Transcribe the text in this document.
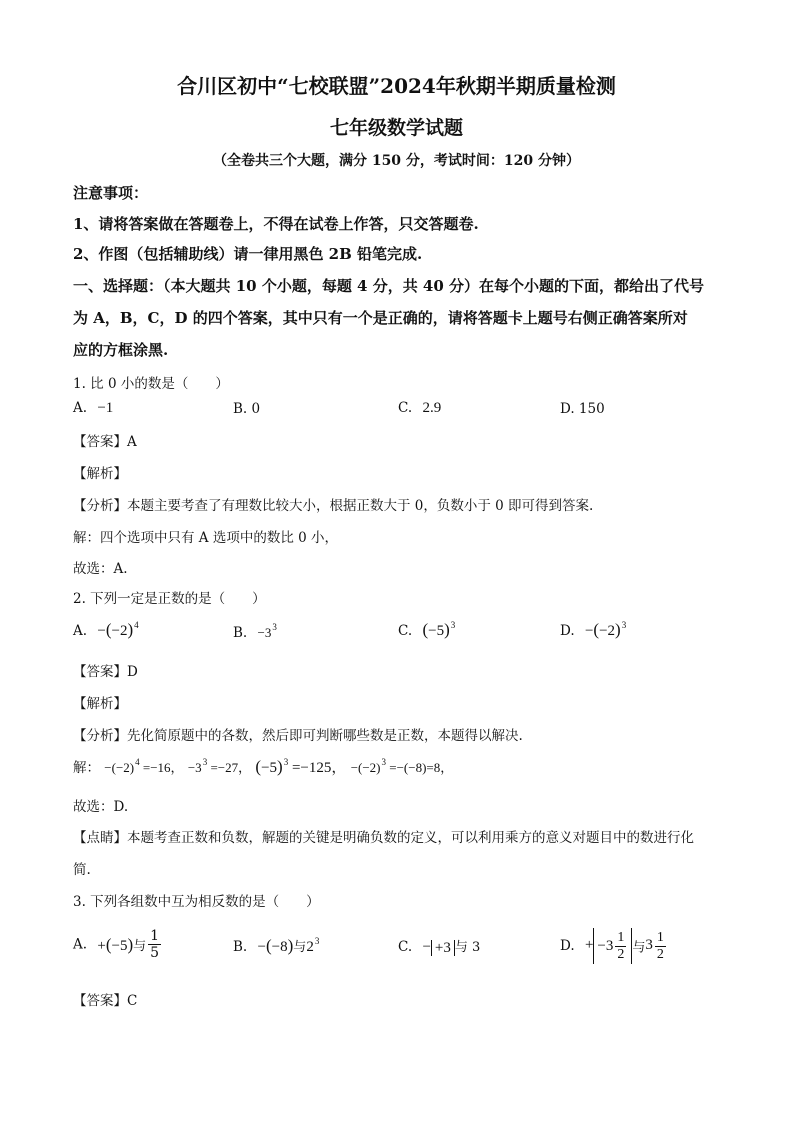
合川区初中“七校联盟”2024年秋期半期质量检测
七年级数学试题
（全卷共三个大题，满分 150 分，考试时间：120 分钟）
注意事项：
1、请将答案做在答题卷上，不得在试卷上作答，只交答题卷.
2、作图（包括辅助线）请一律用黑色 2B 铅笔完成.
一、选择题：（本大题共 10 个小题，每题 4 分，共 40 分）在每个小题的下面，都给出了代号
为 A，B，C，D 的四个答案，其中只有一个是正确的，请将答题卡上题号右侧正确答案所对
应的方框涂黑.
1. 比 0 小的数是（　　）
A. −1	B. 0	C. 2.9	D. 150
【答案】A
【解析】
【分析】本题主要考查了有理数比较大小，根据正数大于 0，负数小于 0 即可得到答案.
解：四个选项中只有 A 选项中的数比 0 小，
故选：A.
2. 下列一定是正数的是（　　）
A. $-(-2)^4$	B. $-3^3$	C. $(-5)^3$	D. $-(-2)^3$
【答案】D
【解析】
【分析】先化简原题中的各数，然后即可判断哪些数是正数，本题得以解决.
解： $-(-2)^4 =-16$， $-3^3 =-27$， $(-5)^3 =-125$， $-(-2)^3 =-(-8)=8$，
故选：D.
【点睛】本题考查正数和负数，解题的关键是明确负数的定义，可以利用乘方的意义对题目中的数进行化
简.
3. 下列各组数中互为相反数的是（　　）
A. +(−5)与 $\frac{1}{5}$	B. −(−8)与$2^3$	C. − +3 与 3	D. + $-3 \frac{1}{2}$ 与$3 \frac{1}{2}$
【答案】C
